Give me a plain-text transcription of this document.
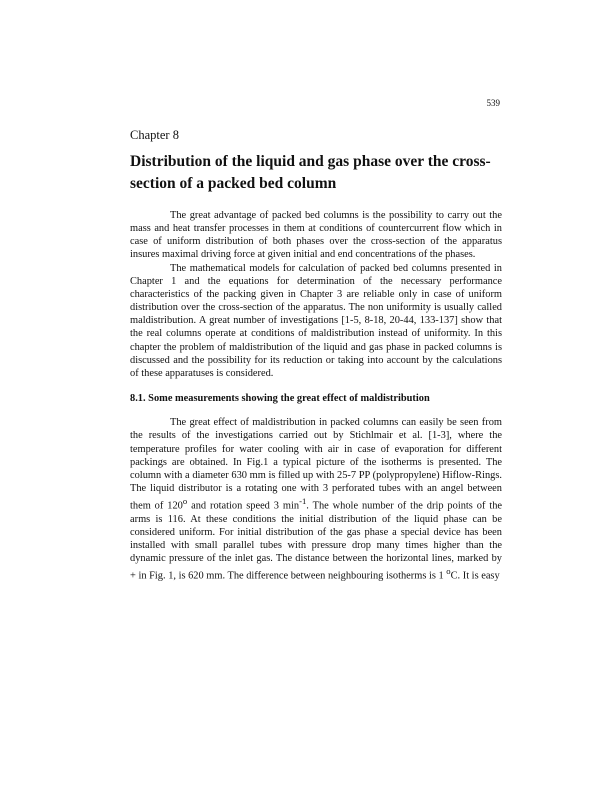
539
Chapter 8
Distribution of the liquid and gas phase over the cross-section of a packed bed column

The great advantage of packed bed columns is the possibility to carry out the mass and heat transfer processes in them at conditions of countercurrent flow which in case of uniform distribution of both phases over the cross-section of the apparatus insures maximal driving force at given initial and end concentrations of the phases.

The mathematical models for calculation of packed bed columns presented in Chapter 1 and the equations for determination of the necessary performance characteristics of the packing given in Chapter 3 are reliable only in case of uniform distribution over the cross-section of the apparatus. The non uniformity is usually called maldistribution. A great number of investigations [1-5, 8-18, 20-44, 133-137] show that the real columns operate at conditions of maldistribution instead of uniformity. In this chapter the problem of maldistribution of the liquid and gas phase in packed columns is discussed and the possibility for its reduction or taking into account by the calculations of these apparatuses is considered.

8.1. Some measurements showing the great effect of maldistribution

The great effect of maldistribution in packed columns can easily be seen from the results of the investigations carried out by Stichlmair et al. [1-3], where the temperature profiles for water cooling with air in case of evaporation for different packings are obtained. In Fig.1 a typical picture of the isotherms is presented. The column with a diameter 630 mm is filled up with 25-7 PP (polypropylene) Hiflow-Rings. The liquid distributor is a rotating one with 3 perforated tubes with an angel between them of 120$^o$ and rotation speed 3 $\min^{-1}$. The whole number of the drip points of the arms is 116. At these conditions the initial distribution of the liquid phase can be considered uniform. For initial distribution of the gas phase a special device has been installed with small parallel tubes with pressure drop many times higher than the dynamic pressure of the inlet gas. The distance between the horizontal lines, marked by + in Fig. 1, is 620 mm. The difference between neighbouring isotherms is 1 $^o$C. It is easy
